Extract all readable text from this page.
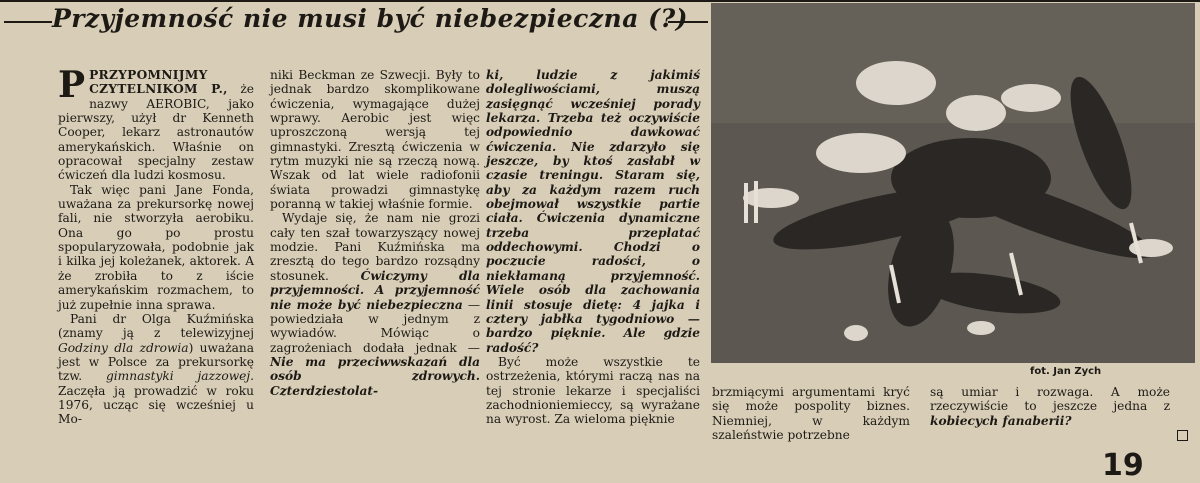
Przyjemność nie musi być niebezpieczna (?)

PPRZYPOMNIJMY CZYTELNIKOM P., że nazwy AEROBIC, jako pierwszy, użył dr Kenneth Cooper, lekarz astronautów amerykańskich. Właśnie on opracował specjalny zestaw ćwiczeń dla ludzi kosmosu.

Tak więc pani Jane Fonda, uważana za prekursorkę nowej fali, nie stworzyła aerobiku. Ona go po prostu spopularyzowała, podobnie jak i kilka jej koleżanek, aktorek. A że zrobiła to z iście amerykańskim rozmachem, to już zupełnie inna sprawa.

Pani dr Olga Kuźmińska (znamy ją z telewizyjnej Godziny dla zdrowia) uważana jest w Polsce za prekursorkę tzw. gimnastyki jazzowej. Zaczęła ją prowadzić w roku 1976, ucząc się wcześniej u Mo-

niki Beckman ze Szwecji. Były to jednak bardzo skomplikowane ćwiczenia, wymagające dużej wprawy. Aerobic jest więc uproszczoną wersją tej gimnastyki. Zresztą ćwiczenia w rytm muzyki nie są rzeczą nową. Wszak od lat wiele radiofonii świata prowadzi gimnastykę poranną w takiej właśnie formie.

Wydaje się, że nam nie grozi cały ten szał towarzyszący nowej modzie. Pani Kuźmińska ma zresztą do tego bardzo rozsądny stosunek.	Ćwiczymy dla przyjemności. A przyjemność nie może być niebezpieczna — powiedziała w jednym z wywiadów. Mówiąc o zagrożeniach dodała jednak — Nie ma przeciwwskazań dla osób zdrowych. Czterdziestolat-

ki, ludzie z jakimiś dolegliwościami, muszą zasięgnąć wcześniej porady lekarza. Trzeba też oczywiście odpowiednio dawkować ćwiczenia. Nie zdarzyło się jeszcze, by ktoś zasłabł w czasie treningu. Staram się, aby za każdym razem ruch obejmował wszystkie partie ciała. Ćwiczenia dynamiczne trzeba przeplatać oddechowymi. Chodzi o poczucie radości, o niekłamaną przyjemność. Wiele osób dla zachowania linii stosuje dietę: 4 jajka i cztery jabłka tygodniowo — bardzo pięknie. Ale gdzie radość?

Być może wszystkie te ostrzeżenia, którymi raczą nas na tej stronie lekarze i specjaliści zachodnioniemieccy, są wyrażane na wyrost. Za wieloma pięknie

fot. Jan Zych

brzmiącymi argumentami kryć się może pospolity biznes. Niemniej, w każdym szaleństwie potrzebne

są umiar i rozwaga. A może rzeczywiście to jeszcze jedna z kobiecych fanaberii?

19
